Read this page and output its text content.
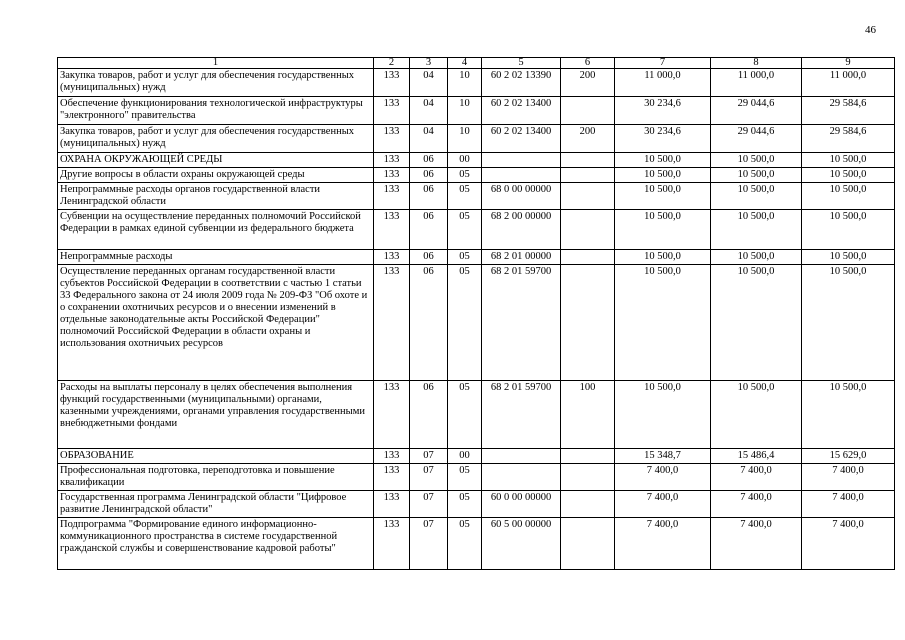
46
1	2	3	4	5	6	7	8	9
Закупка товаров, работ и услуг для обеспечения государственных (муниципальных) нужд	133	04	10	60 2 02 13390	200	11 000,0	11 000,0	11 000,0
Обеспечение функционирования технологической инфраструктуры "электронного" правительства	133	04	10	60 2 02 13400		30 234,6	29 044,6	29 584,6
Закупка товаров, работ и услуг для обеспечения государственных (муниципальных) нужд	133	04	10	60 2 02 13400	200	30 234,6	29 044,6	29 584,6
ОХРАНА ОКРУЖАЮЩЕЙ СРЕДЫ	133	06	00			10 500,0	10 500,0	10 500,0
Другие вопросы в области охраны окружающей среды	133	06	05			10 500,0	10 500,0	10 500,0
Непрограммные расходы органов государственной власти Ленинградской области	133	06	05	68 0 00 00000		10 500,0	10 500,0	10 500,0
Субвенции на осуществление переданных полномочий Российской Федерации в рамках единой субвенции из федерального бюджета	133	06	05	68 2 00 00000		10 500,0	10 500,0	10 500,0
Непрограммные расходы	133	06	05	68 2 01 00000		10 500,0	10 500,0	10 500,0
Осуществление переданных органам государственной власти субъектов Российской Федерации в соответствии с частью 1 статьи 33 Федерального закона от 24 июля 2009 года № 209-ФЗ "Об охоте и о сохранении охотничьих ресурсов и о внесении изменений в отдельные законодательные акты Российской Федерации" полномочий Российской Федерации в области охраны и использования охотничьих ресурсов	133	06	05	68 2 01 59700		10 500,0	10 500,0	10 500,0
Расходы на выплаты персоналу в целях обеспечения выполнения функций государственными (муниципальными) органами, казенными учреждениями, органами управления государственными внебюджетными фондами	133	06	05	68 2 01 59700	100	10 500,0	10 500,0	10 500,0
ОБРАЗОВАНИЕ	133	07	00			15 348,7	15 486,4	15 629,0
Профессиональная подготовка, переподготовка и повышение квалификации	133	07	05			7 400,0	7 400,0	7 400,0
Государственная программа Ленинградской области "Цифровое развитие Ленинградской области"	133	07	05	60 0 00 00000		7 400,0	7 400,0	7 400,0
Подпрограмма "Формирование единого информационно-коммуникационного пространства в системе государственной гражданской службы и совершенствование кадровой работы"	133	07	05	60 5 00 00000		7 400,0	7 400,0	7 400,0
